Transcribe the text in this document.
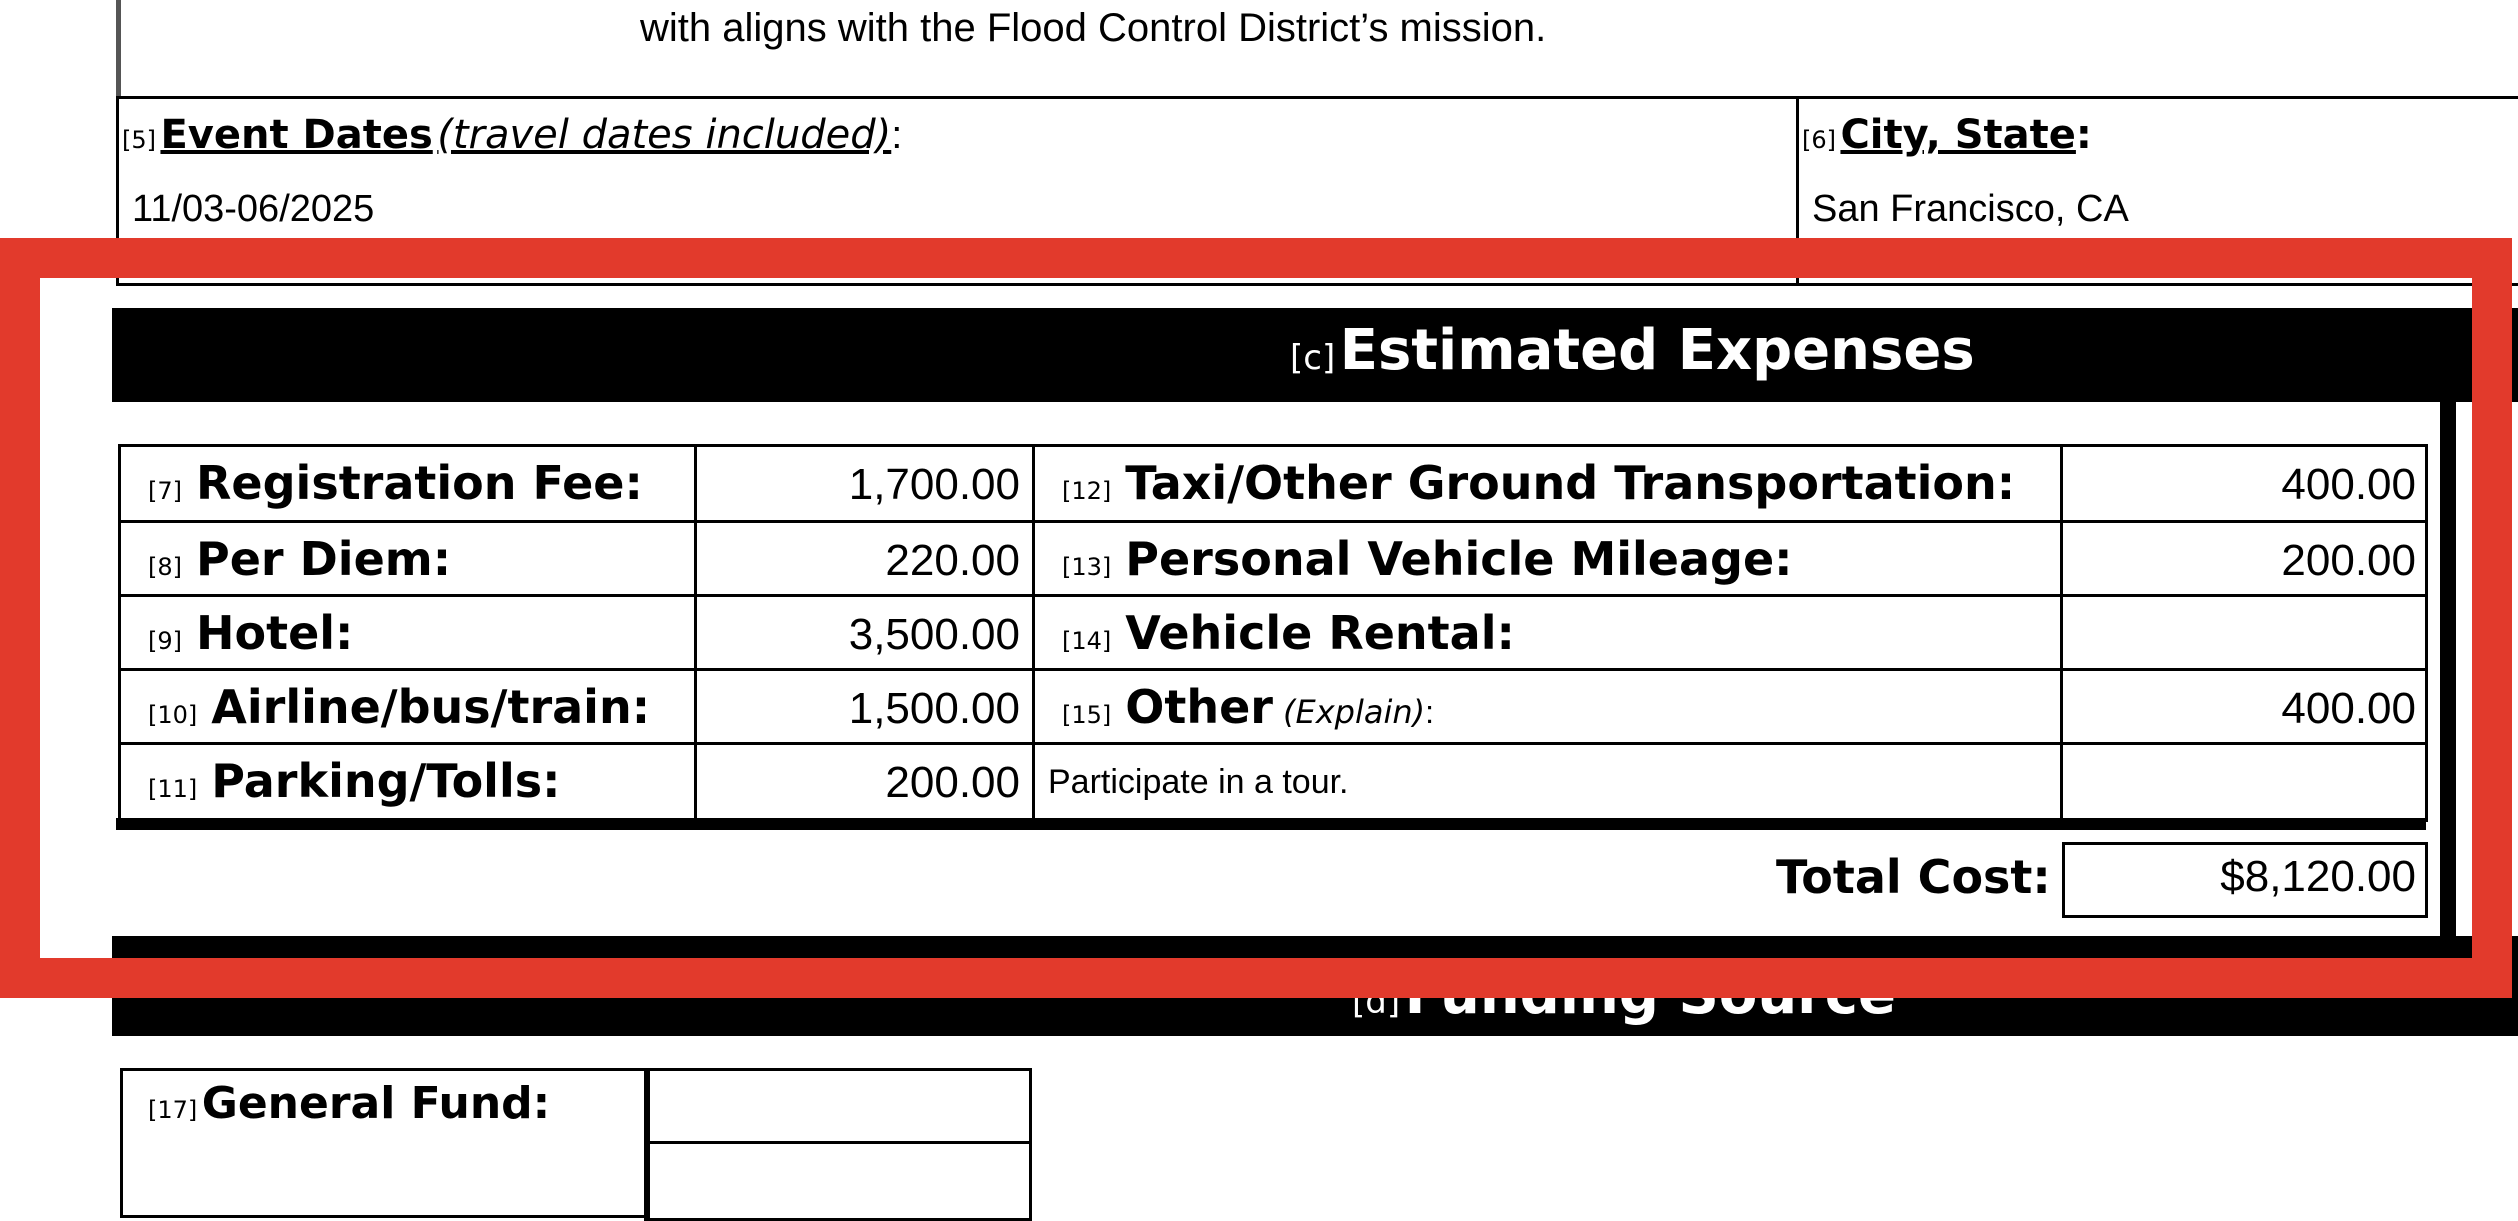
with aligns with the Flood Control District’s mission.
[5] Event Dates (travel dates included):
11/03-06/2025
[6] City, State:
San Francisco, CA
[c] Estimated Expenses
[7] Registration Fee:	1,700.00
[8] Per Diem:	220.00
[9] Hotel:	3,500.00
[10] Airline/bus/train:	1,500.00
[11] Parking/Tolls:	200.00
[12] Taxi/Other Ground Transportation:	400.00
[13] Personal Vehicle Mileage:	200.00
[14] Vehicle Rental:
[15] Other (Explain):	400.00
Participate in a tour.
Total Cost:	$8,120.00
[d] Funding Source
[17] General Fund:
